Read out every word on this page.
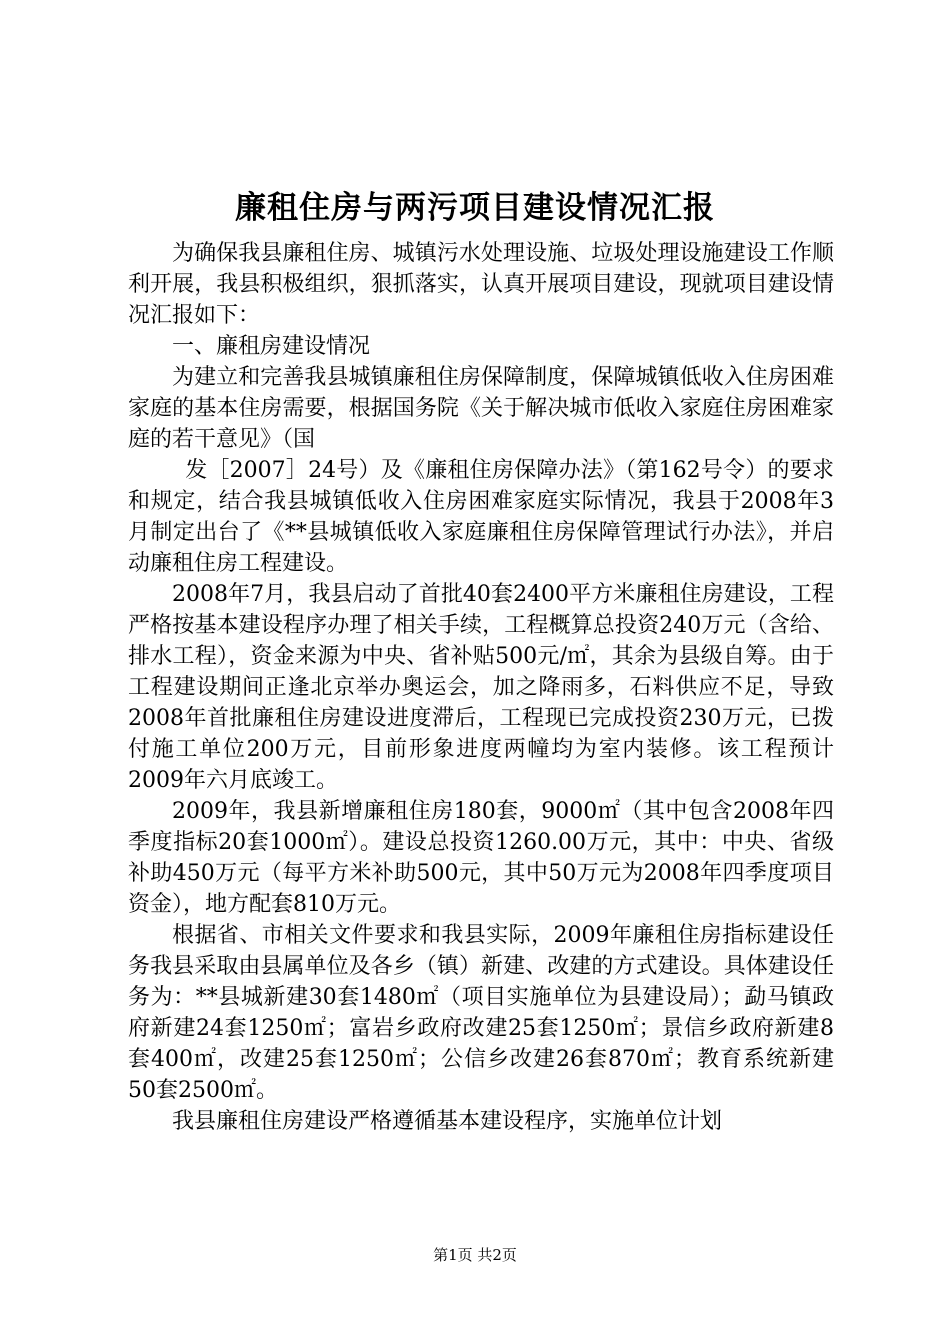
廉租住房与两污项目建设情况汇报

为确保我县廉租住房、城镇污水处理设施、垃圾处理设施建设工作顺利开展，我县积极组织，狠抓落实，认真开展项目建设，现就项目建设情况汇报如下：

一、廉租房建设情况

为建立和完善我县城镇廉租住房保障制度，保障城镇低收入住房困难家庭的基本住房需要，根据国务院《关于解决城市低收入家庭住房困难家庭的若干意见》（国

发［2007］24号）及《廉租住房保障办法》（第162号令）的要求和规定，结合我县城镇低收入住房困难家庭实际情况，我县于2008年3月制定出台了《**县城镇低收入家庭廉租住房保障管理试行办法》，并启动廉租住房工程建设。

2008年7月，我县启动了首批40套2400平方米廉租住房建设，工程严格按基本建设程序办理了相关手续，工程概算总投资240万元（含给、排水工程），资金来源为中央、省补贴500元/㎡，其余为县级自筹。由于工程建设期间正逢北京举办奥运会，加之降雨多，石料供应不足，导致2008年首批廉租住房建设进度滞后，工程现已完成投资230万元，已拨付施工单位200万元，目前形象进度两幢均为室内装修。该工程预计2009年六月底竣工。

2009年，我县新增廉租住房180套，9000㎡（其中包含2008年四季度指标20套1000㎡）。建设总投资1260.00万元，其中：中央、省级补助450万元（每平方米补助500元，其中50万元为2008年四季度项目资金），地方配套810万元。

根据省、市相关文件要求和我县实际，2009年廉租住房指标建设任务我县采取由县属单位及各乡（镇）新建、改建的方式建设。具体建设任务为：**县城新建30套1480㎡（项目实施单位为县建设局）；勐马镇政府新建24套1250㎡；富岩乡政府改建25套1250㎡；景信乡政府新建8套400㎡，改建25套1250㎡；公信乡改建26套870㎡；教育系统新建50套2500㎡。

我县廉租住房建设严格遵循基本建设程序，实施单位计划

第1页 共2页
